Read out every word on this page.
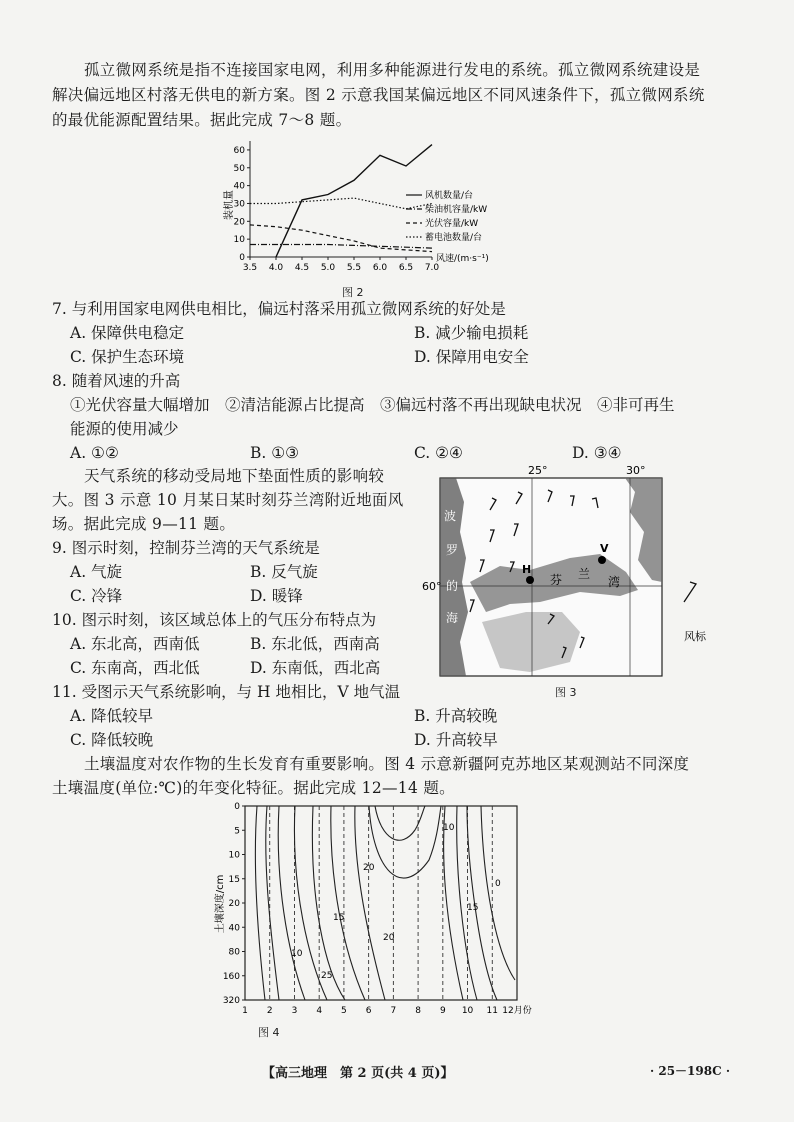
孤立微网系统是指不连接国家电网，利用多种能源进行发电的系统。孤立微网系统建设是
解决偏远地区村落无供电的新方案。图 2 示意我国某偏远地区不同风速条件下，孤立微网系统
的最优能源配置结果。据此完成 7～8 题。
0
10
20
30
40
50
60
3.5 4.0 4.5 5.0 5.5 6.0 6.5 7.0
装机量
风速/(m·s⁻¹)
风机数量/台
柴油机容量/kW
光伏容量/kW
蓄电池数量/台
图 2
7. 与利用国家电网供电相比，偏远村落采用孤立微网系统的好处是
A. 保障供电稳定	B. 减少输电损耗
C. 保护生态环境	D. 保障用电安全
8. 随着风速的升高
①光伏容量大幅增加　②清洁能源占比提高　③偏远村落不再出现缺电状况　④非可再生
能源的使用减少
A. ①②	B. ①③	C. ②④	D. ③④
天气系统的移动受局地下垫面性质的影响较
大。图 3 示意 10 月某日某时刻芬兰湾附近地面风
场。据此完成 9—11 题。
9. 图示时刻，控制芬兰湾的天气系统是
A. 气旋	B. 反气旋
C. 冷锋	D. 暖锋
10. 图示时刻，该区域总体上的气压分布特点为
A. 东北高，西南低	B. 东北低，西南高
C. 东南高，西北低	D. 东南低，西北高
11. 受图示天气系统影响，与 H 地相比，V 地气温
A. 降低较早	B. 升高较晚
C. 降低较晚	D. 升高较早
25°	30°
60°
H
V
波
罗
的
海
芬 兰
湾
风标
图 3
土壤温度对农作物的生长发育有重要影响。图 4 示意新疆阿克苏地区某观测站不同深度
土壤温度(单位:℃)的年变化特征。据此完成 12—14 题。
0
5
10
15
20
40
80
160
320
1 2 3 4 5 6 7 8 9 10 11 12月份
土壤深度/cm
20
15
10
10
20
15
0
25
图 4
【高三地理　第 2 页(共 4 页)】	· 25－198C ·
